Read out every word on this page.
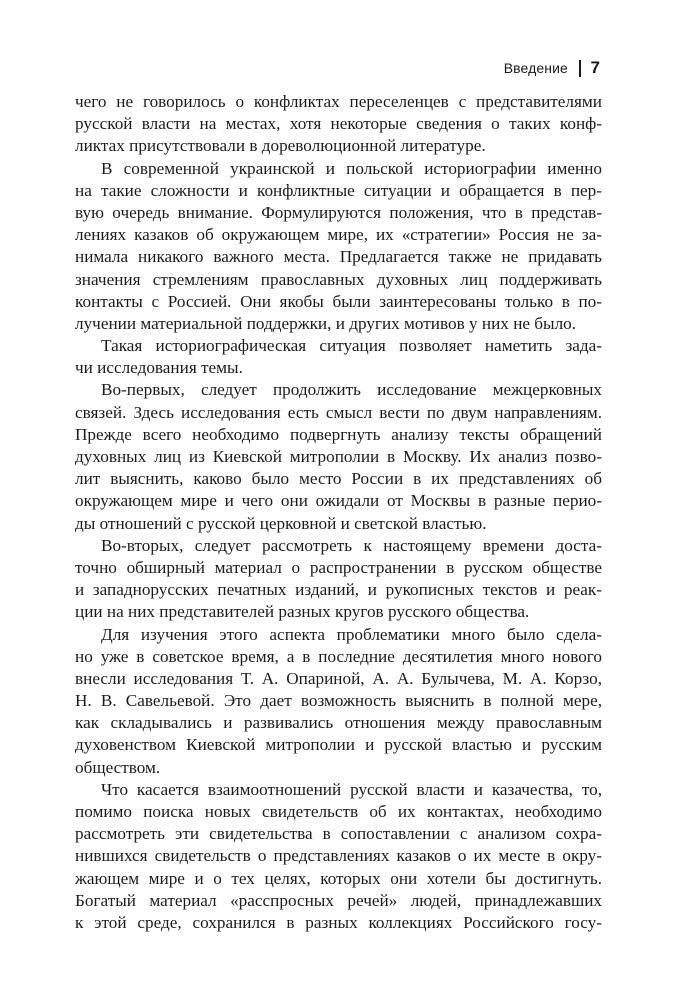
Введение 7
чего не говорилось о конфликтах переселенцев с представителями
русской власти на местах, хотя некоторые сведения о таких конф-
ликтах присутствовали в дореволюционной литературе.
В современной украинской и польской историографии именно
на такие сложности и конфликтные ситуации и обращается в пер-
вую очередь внимание. Формулируются положения, что в представ-
лениях казаков об окружающем мире, их «стратегии» Россия не за-
нимала никакого важного места. Предлагается также не придавать
значения стремлениям православных духовных лиц поддерживать
контакты с Россией. Они якобы были заинтересованы только в по-
лучении материальной поддержки, и других мотивов у них не было.
Такая историографическая ситуация позволяет наметить зада-
чи исследования темы.
Во-первых, следует продолжить исследование межцерковных
связей. Здесь исследования есть смысл вести по двум направлениям.
Прежде всего необходимо подвергнуть анализу тексты обращений
духовных лиц из Киевской митрополии в Москву. Их анализ позво-
лит выяснить, каково было место России в их представлениях об
окружающем мире и чего они ожидали от Москвы в разные перио-
ды отношений с русской церковной и светской властью.
Во-вторых, следует рассмотреть к настоящему времени доста-
точно обширный материал о распространении в русском обществе
и западнорусских печатных изданий, и рукописных текстов и реак-
ции на них представителей разных кругов русского общества.
Для изучения этого аспекта проблематики много было сдела-
но уже в советское время, а в последние десятилетия много нового
внесли исследования Т. А. Опариной, А. А. Булычева, М. А. Корзо,
Н. В. Савельевой. Это дает возможность выяснить в полной мере,
как складывались и развивались отношения между православным
духовенством Киевской митрополии и русской властью и русским
обществом.
Что касается взаимоотношений русской власти и казачества, то,
помимо поиска новых свидетельств об их контактах, необходимо
рассмотреть эти свидетельства в сопоставлении с анализом сохра-
нившихся свидетельств о представлениях казаков о их месте в окру-
жающем мире и о тех целях, которых они хотели бы достигнуть.
Богатый материал «расспросных речей» людей, принадлежавших
к этой среде, сохранился в разных коллекциях Российского госу-
